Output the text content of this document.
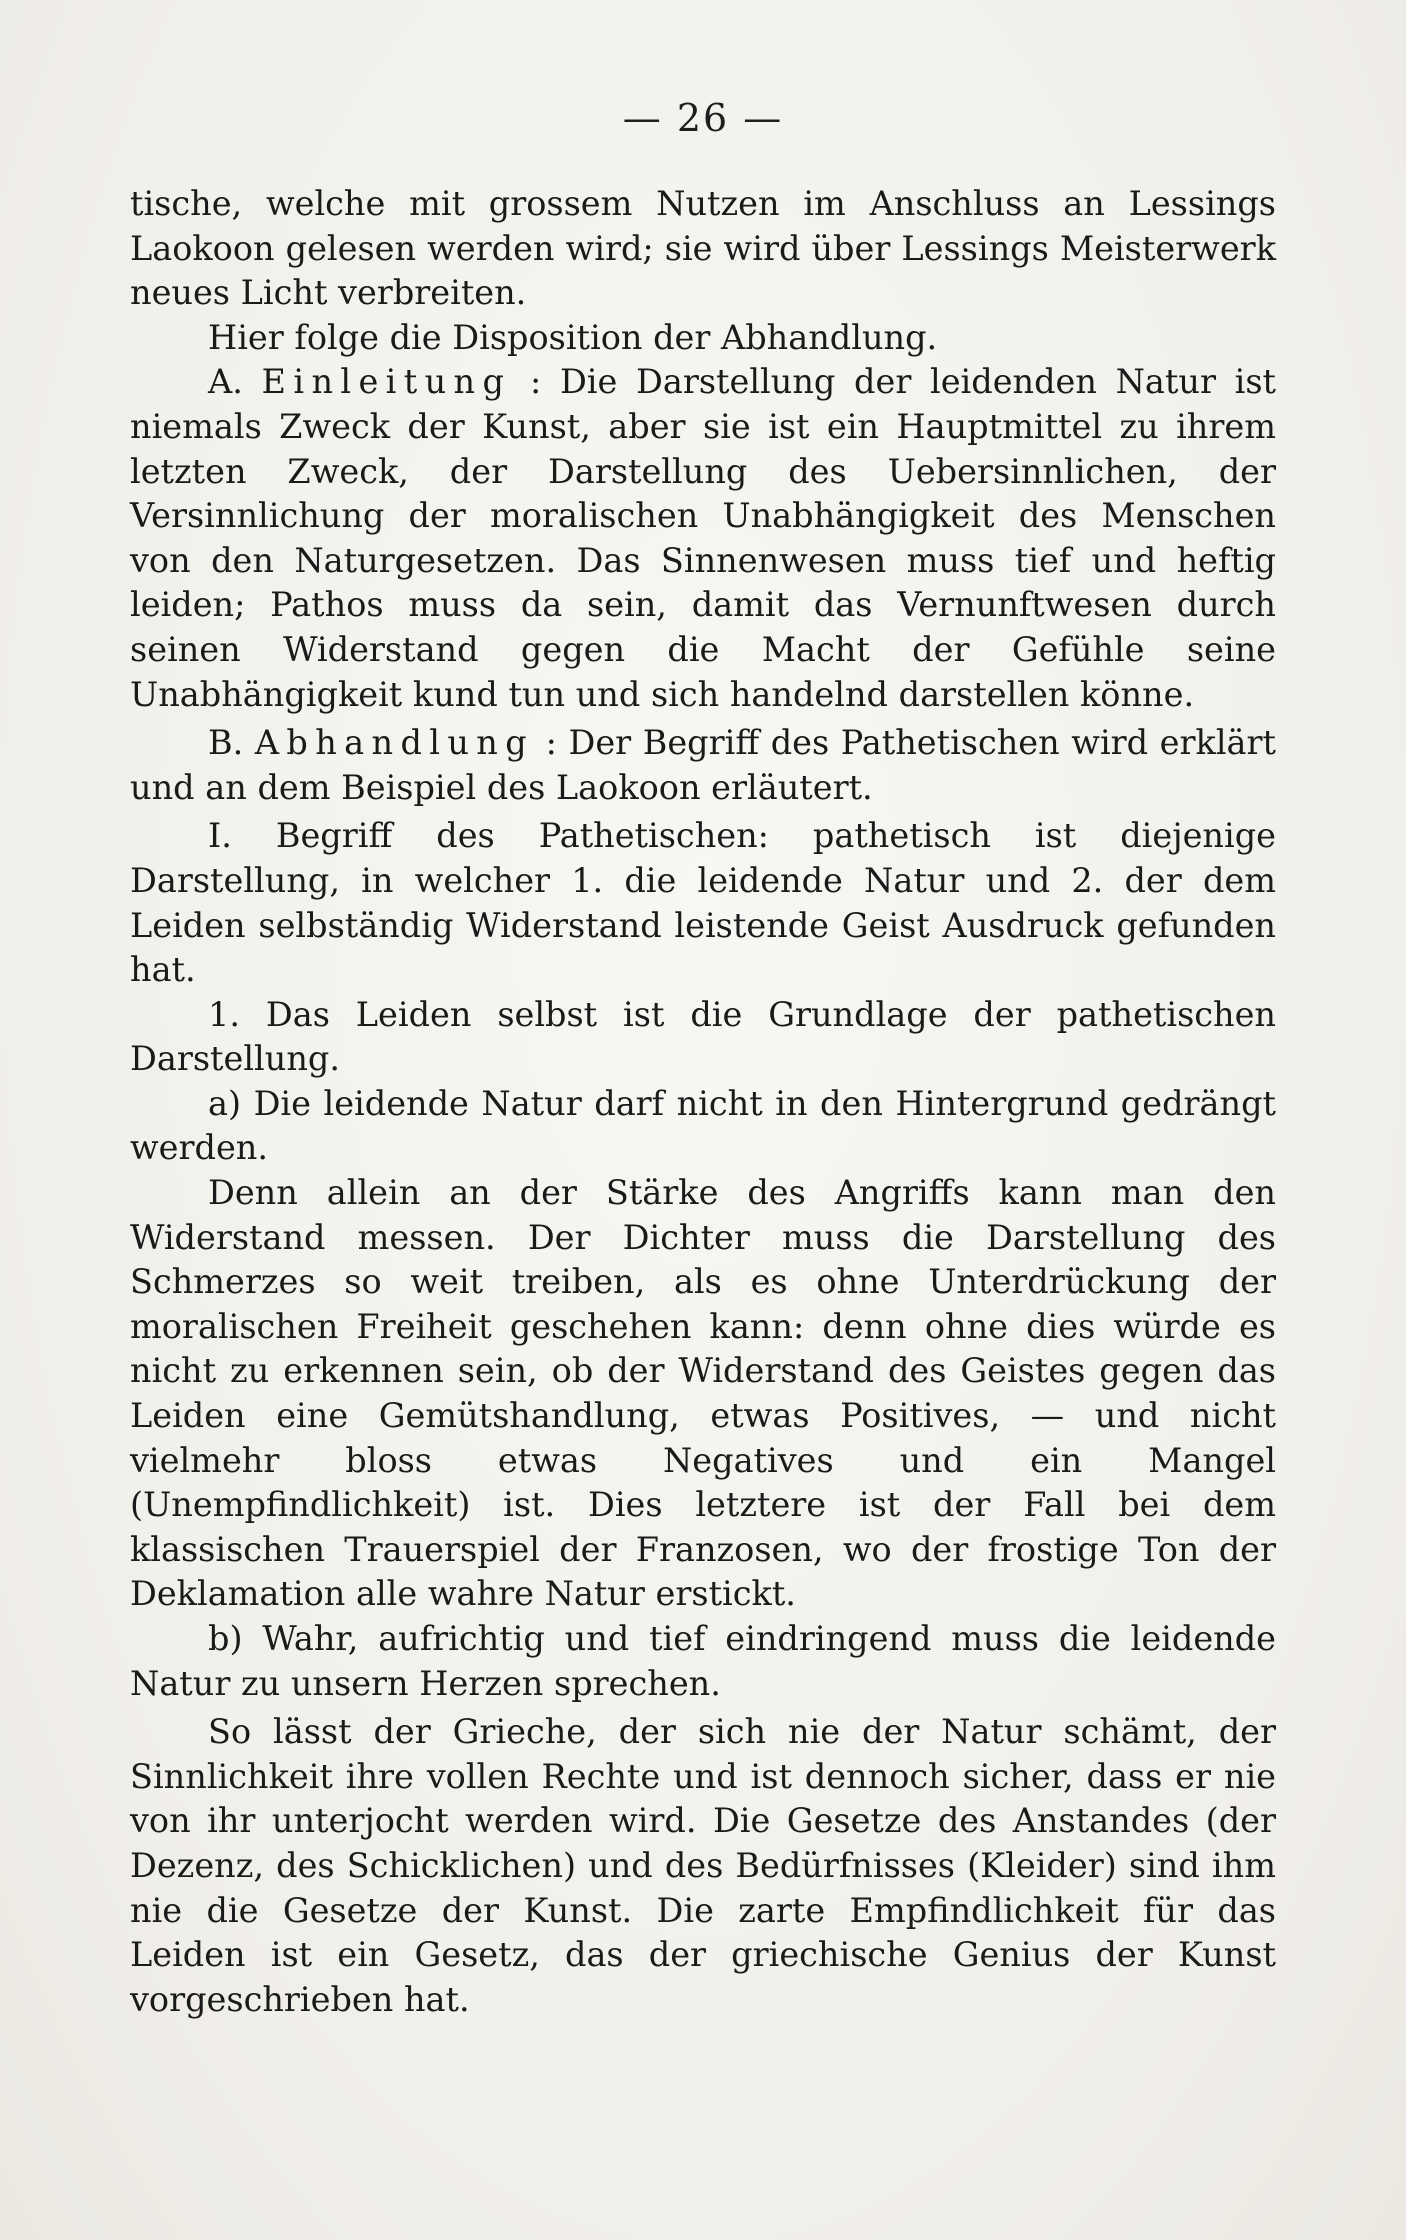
— 26 —

tische, welche mit grossem Nutzen im Anschluss an Lessings Laokoon gelesen werden wird; sie wird über Lessings Meisterwerk neues Licht verbreiten.

Hier folge die Disposition der Abhandlung.

A. Einleitung : Die Darstellung der leidenden Natur ist niemals Zweck der Kunst, aber sie ist ein Hauptmittel zu ihrem letzten Zweck, der Darstellung des Uebersinnlichen, der Versinnlichung der moralischen Unabhängigkeit des Menschen von den Naturgesetzen. Das Sinnenwesen muss tief und heftig leiden; Pathos muss da sein, damit das Vernunftwesen durch seinen Widerstand gegen die Macht der Gefühle seine Unabhängigkeit kund tun und sich handelnd darstellen könne.

B. Abhandlung : Der Begriff des Pathetischen wird erklärt und an dem Beispiel des Laokoon erläutert.

I. Begriff des Pathetischen: pathetisch ist diejenige Darstellung, in welcher 1. die leidende Natur und 2. der dem Leiden selbständig Widerstand leistende Geist Ausdruck gefunden hat.

1. Das Leiden selbst ist die Grundlage der pathetischen Darstellung.

a) Die leidende Natur darf nicht in den Hintergrund gedrängt werden.

Denn allein an der Stärke des Angriffs kann man den Widerstand messen. Der Dichter muss die Darstellung des Schmerzes so weit treiben, als es ohne Unterdrückung der moralischen Freiheit geschehen kann: denn ohne dies würde es nicht zu erkennen sein, ob der Widerstand des Geistes gegen das Leiden eine Gemütshandlung, etwas Positives, — und nicht vielmehr bloss etwas Negatives und ein Mangel (Unempfindlichkeit) ist. Dies letztere ist der Fall bei dem klassischen Trauerspiel der Franzosen, wo der frostige Ton der Deklamation alle wahre Natur erstickt.

b) Wahr, aufrichtig und tief eindringend muss die leidende Natur zu unsern Herzen sprechen.

So lässt der Grieche, der sich nie der Natur schämt, der Sinnlichkeit ihre vollen Rechte und ist dennoch sicher, dass er nie von ihr unterjocht werden wird. Die Gesetze des Anstandes (der Dezenz, des Schicklichen) und des Bedürfnisses (Kleider) sind ihm nie die Gesetze der Kunst. Die zarte Empfindlichkeit für das Leiden ist ein Gesetz, das der griechische Genius der Kunst vorgeschrieben hat.
